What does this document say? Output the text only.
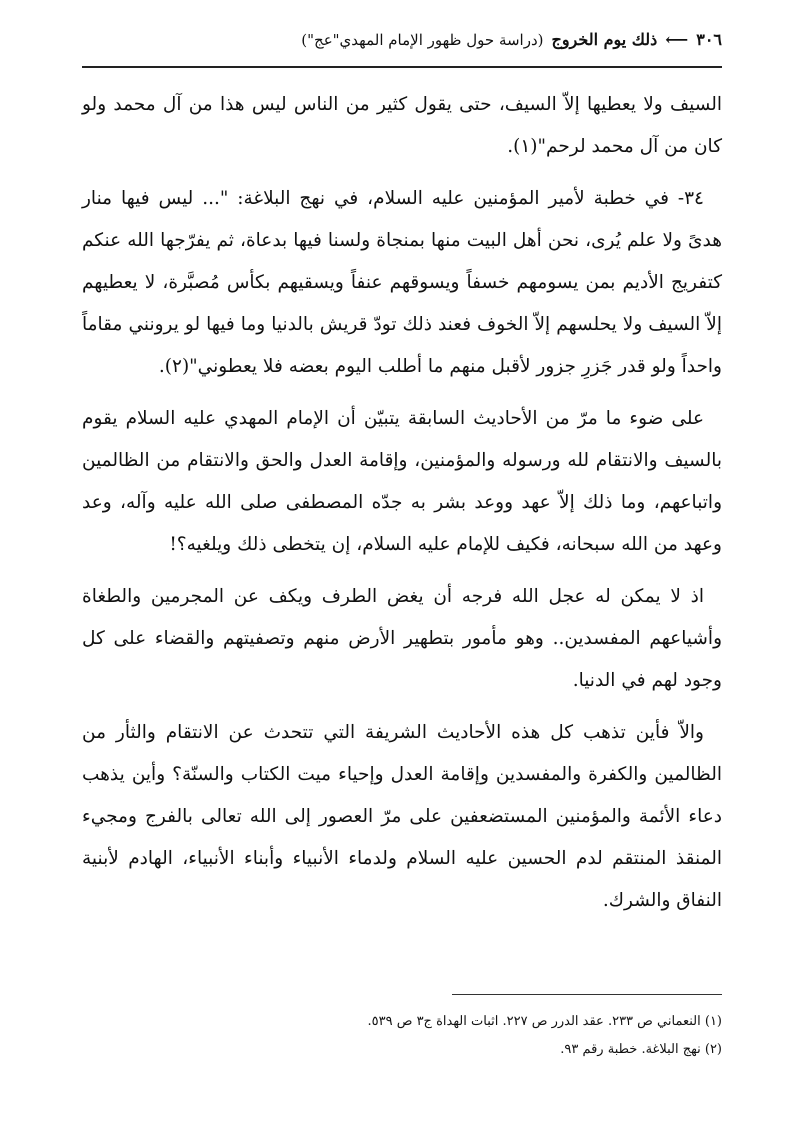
٣٠٦
⟵
ذلك يوم الخروج
(دراسة حول ظهور الإمام المهدي"عج")

السيف ولا يعطيها إلاّ السيف، حتى يقول كثير من الناس ليس هذا من آل محمد ولو كان من آل محمد لرحم"(١).

٣٤- في خطبة لأمير المؤمنين عليه السلام، في نهج البلاغة: "... ليس فيها منار هدىً ولا علم يُرى، نحن أهل البيت منها بمنجاة ولسنا فيها بدعاة، ثم يفرّجها الله عنكم كتفريج الأديم بمن يسومهم خسفاً ويسوقهم عنفاً ويسقيهم بكأس مُصبَّرة، لا يعطيهم إلاّ السيف ولا يحلسهم إلاّ الخوف فعند ذلك تودّ قريش بالدنيا وما فيها لو يرونني مقاماً واحداً ولو قدر جَزرِ جزور لأقبل منهم ما أطلب اليوم بعضه فلا يعطوني"(٢).

على ضوء ما مرّ من الأحاديث السابقة يتبيّن أن الإمام المهدي عليه السلام يقوم بالسيف والانتقام لله ورسوله والمؤمنين، وإقامة العدل والحق والانتقام من الظالمين واتباعهم، وما ذلك إلاّ عهد ووعد بشر به جدّه المصطفى صلى الله عليه وآله، وعد وعهد من الله سبحانه، فكيف للإمام عليه السلام، إن يتخطى ذلك ويلغيه؟!

اذ لا يمكن له عجل الله فرجه أن يغض الطرف ويكف عن المجرمين والطغاة وأشياعهم المفسدين.. وهو مأمور بتطهير الأرض منهم وتصفيتهم والقضاء على كل وجود لهم في الدنيا.

والاّ فأين تذهب كل هذه الأحاديث الشريفة التي تتحدث عن الانتقام والثأر من الظالمين والكفرة والمفسدين وإقامة العدل وإحياء ميت الكتاب والسنّة؟ وأين يذهب دعاء الأئمة والمؤمنين المستضعفين على مرّ العصور إلى الله تعالى بالفرج ومجيء المنقذ المنتقم لدم الحسين عليه السلام ولدماء الأنبياء وأبناء الأنبياء، الهادم لأبنية النفاق والشرك.

(١) النعماني ص ٢٣٣. عقد الدرر ص ٢٢٧. اثبات الهداة ج٣ ص ٥٣٩.
(٢) نهج البلاغة. خطبة رقم ٩٣.
